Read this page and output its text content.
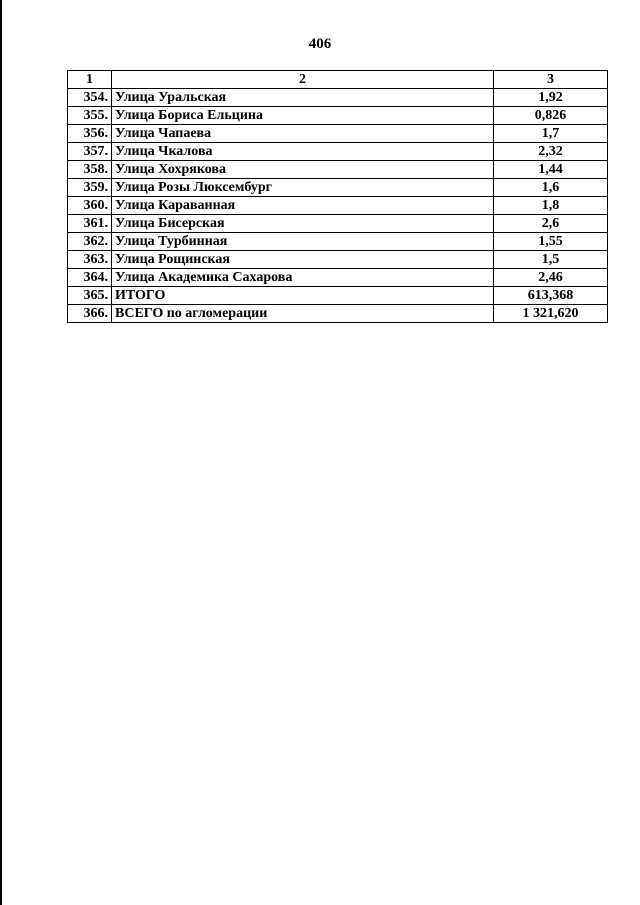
406
1	2	3
354.	Улица Уральская	1,92
355.	Улица Бориса Ельцина	0,826
356.	Улица Чапаева	1,7
357.	Улица Чкалова	2,32
358.	Улица Хохрякова	1,44
359.	Улица Розы Люксембург	1,6
360.	Улица Караванная	1,8
361.	Улица Бисерская	2,6
362.	Улица Турбинная	1,55
363.	Улица Рощинская	1,5
364.	Улица Академика Сахарова	2,46
365.	ИТОГО	613,368
366.	ВСЕГО по агломерации	1 321,620
